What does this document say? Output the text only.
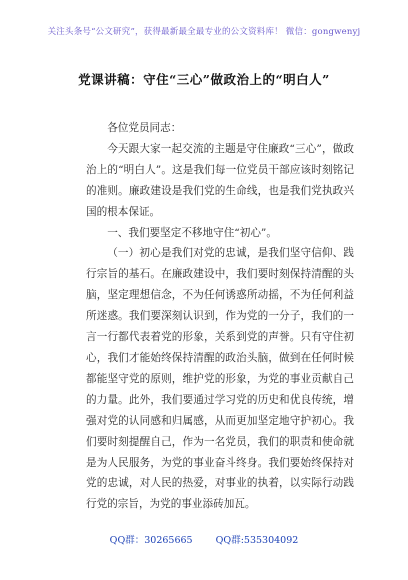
关注头条号“公文研究”，获得最新最全最专业的公文资料库！ 微信：gongwenyj
党课讲稿：守住“三心”做政治上的“明白人”

各位党员同志：

今天跟大家一起交流的主题是守住廉政“三心”，做政治上的“明白人”。这是我们每一位党员干部应该时刻铭记的准则。廉政建设是我们党的生命线，也是我们党执政兴国的根本保证。

一、我们要坚定不移地守住“初心”。

（一）初心是我们对党的忠诚，是我们坚守信仰、践行宗旨的基石。在廉政建设中，我们要时刻保持清醒的头脑，坚定理想信念，不为任何诱惑所动摇，不为任何利益所迷惑。我们要深刻认识到，作为党的一分子，我们的一言一行都代表着党的形象，关系到党的声誉。只有守住初心，我们才能始终保持清醒的政治头脑，做到在任何时候都能坚守党的原则，维护党的形象，为党的事业贡献自己的力量。此外，我们要通过学习党的历史和优良传统，增强对党的认同感和归属感，从而更加坚定地守护初心。我们要时刻提醒自己，作为一名党员，我们的职责和使命就是为人民服务，为党的事业奋斗终身。我们要始终保持对党的忠诚，对人民的热爱，对事业的执着，以实际行动践行党的宗旨，为党的事业添砖加瓦。

QQ群：30265665 QQ群:535304092
